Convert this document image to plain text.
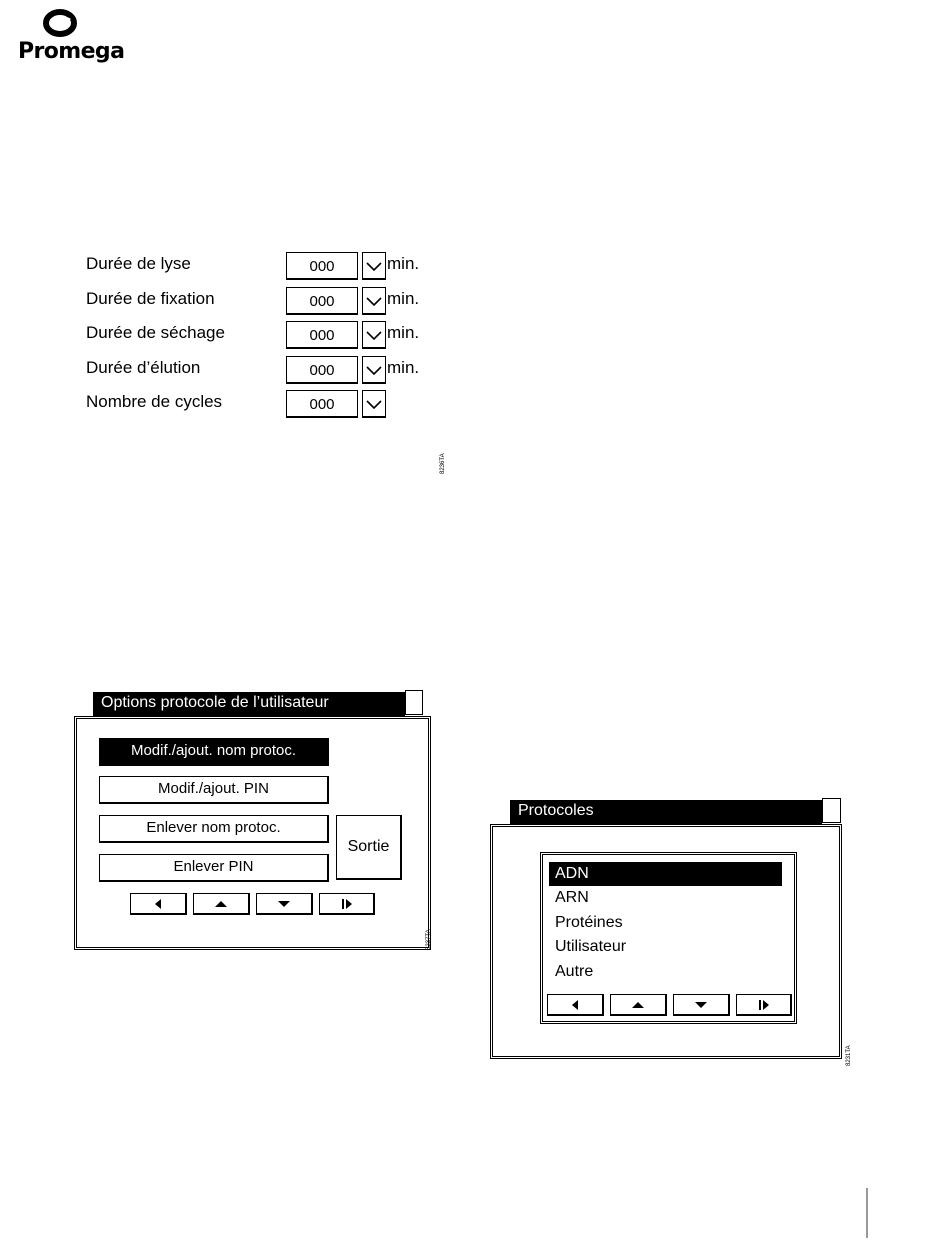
Promega
Durée de lyse	000	min.
Durée de fixation	000	min.
Durée de séchage	000	min.
Durée d’élution	000	min.
Nombre de cycles	000
8236TA
Options protocole de l’utilisateur
Modif./ajout. nom protoc.
Modif./ajout. PIN
Enlever nom protoc.
Enlever PIN
Sortie
8237TA
Protocoles
ADN
ARN
Protéines
Utilisateur
Autre
8231TA
